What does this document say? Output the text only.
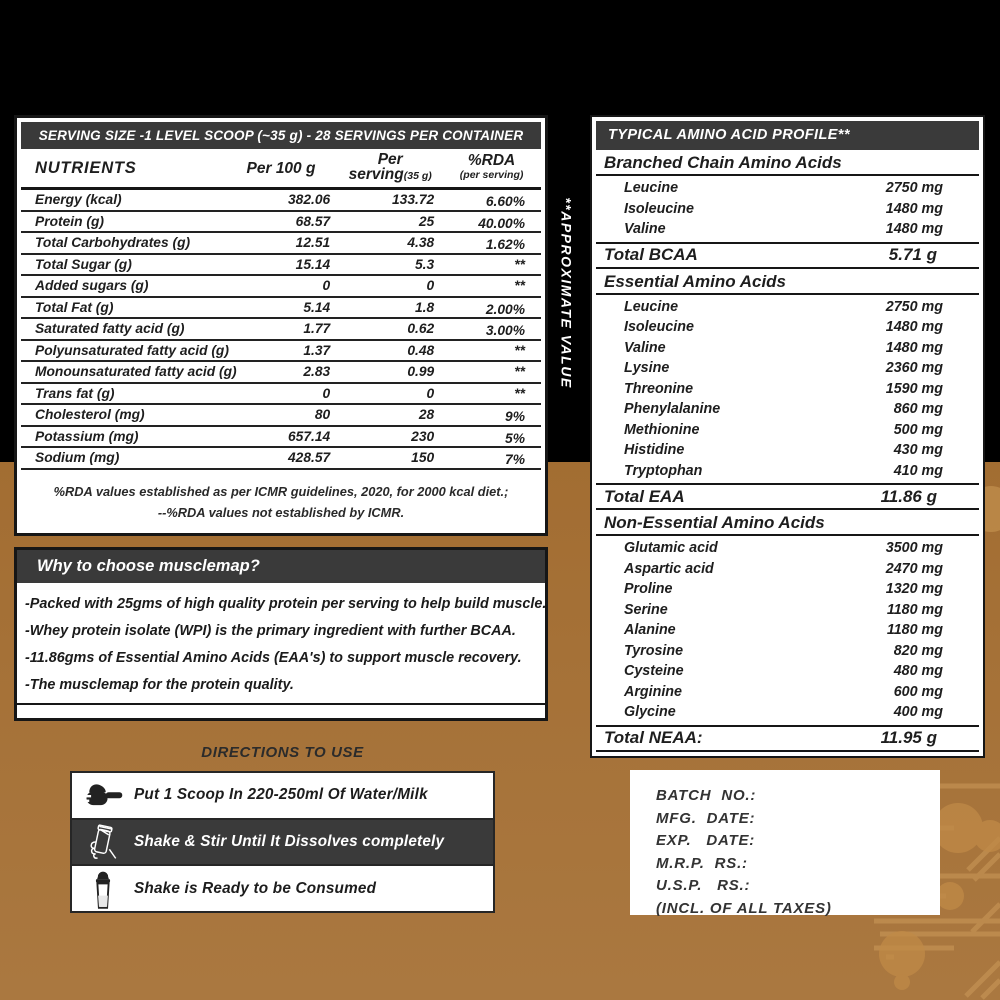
SERVING SIZE -1 LEVEL SCOOP (~35 g) - 28 SERVINGS PER CONTAINER
NUTRIENTS	Per 100 g	Per
serving(35 g)
%RDA
(per serving)
Energy (kcal)	382.06	133.72	6.60%
Protein (g)	68.57	25	40.00%
Total Carbohydrates (g)	12.51	4.38	1.62%
Total Sugar (g)	15.14	5.3	**
Added sugars (g)	0	0	**
Total Fat (g)	5.14	1.8	2.00%
Saturated fatty acid (g)	1.77	0.62	3.00%
Polyunsaturated fatty acid (g)	1.37	0.48	**
Monounsaturated fatty acid (g)	2.83	0.99	**
Trans fat (g)	0	0	**
Cholesterol (mg)	80	28	9%
Potassium (mg)	657.14	230	5%
Sodium (mg)	428.57	150	7%
%RDA values established as per ICMR guidelines, 2020, for 2000 kcal diet.;
--%RDA values not established by ICMR.
**APPROXIMATE VALUE
TYPICAL AMINO ACID PROFILE**
Branched Chain Amino Acids
Leucine	2750 mg
Isoleucine	1480 mg
Valine	1480 mg
Total BCAA	5.71 g
Essential Amino Acids
Leucine	2750 mg
Isoleucine	1480 mg
Valine	1480 mg
Lysine	2360 mg
Threonine	1590 mg
Phenylalanine	860 mg
Methionine	500 mg
Histidine	430 mg
Tryptophan	410 mg
Total EAA	11.86 g
Non-Essential Amino Acids
Glutamic acid	3500 mg
Aspartic acid	2470 mg
Proline	1320 mg
Serine	1180 mg
Alanine	1180 mg
Tyrosine	820 mg
Cysteine	480 mg
Arginine	600 mg
Glycine	400 mg
Total NEAA:	11.95 g
Why to choose musclemap?
-Packed with 25gms of high quality protein per serving to help build muscle.
-Whey protein isolate (WPI) is the primary ingredient with further BCAA.
-11.86gms of Essential Amino Acids (EAA's) to support muscle recovery.
-The musclemap for the protein quality.
DIRECTIONS TO USE
Put 1 Scoop In 220-250ml Of Water/Milk
Shake & Stir Until It Dissolves completely
Shake is Ready to be Consumed
BATCH  NO.:
MFG.  DATE:
EXP.   DATE:
M.R.P.  RS.:
U.S.P.   RS.:
(INCL. OF ALL TAXES)
